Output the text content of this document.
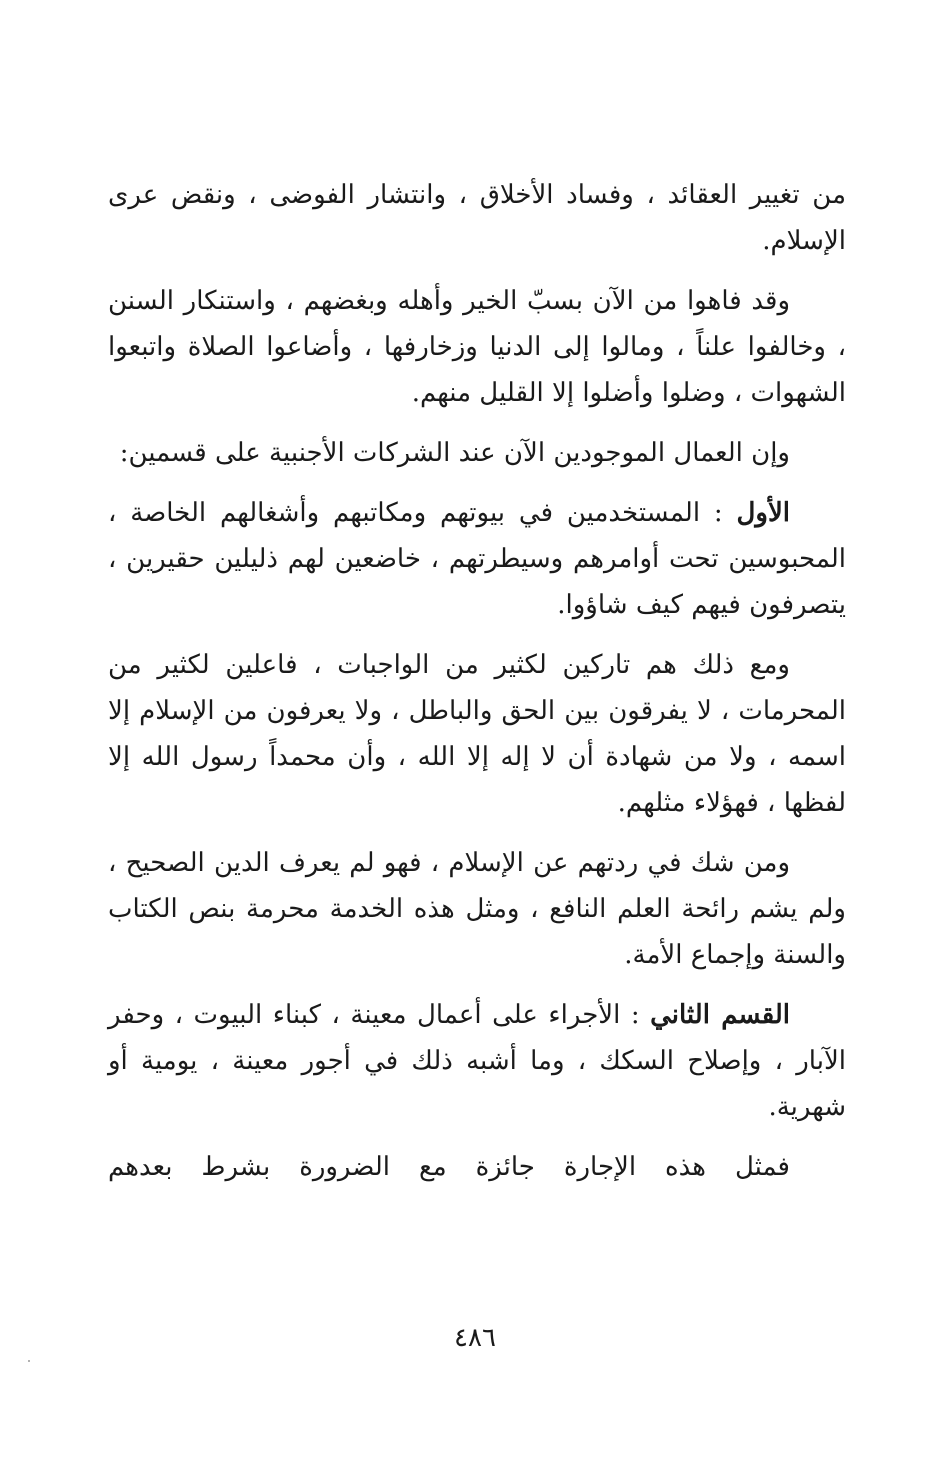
من تغيير العقائد ، وفساد الأخلاق ، وانتشار الفوضى ، ونقض عرى الإسلام.

وقد فاهوا من الآن بسبّ الخير وأهله وبغضهم ، واستنكار السنن ، وخالفوا علناً ، ومالوا إلى الدنيا وزخارفها ، وأضاعوا الصلاة واتبعوا الشهوات ، وضلوا وأضلوا إلا القليل منهم.

وإن العمال الموجودين الآن عند الشركات الأجنبية على قسمين:

الأول : المستخدمين في بيوتهم ومكاتبهم وأشغالهم الخاصة ، المحبوسين تحت أوامرهم وسيطرتهم ، خاضعين لهم ذليلين حقيرين ، يتصرفون فيهم كيف شاؤوا.

ومع ذلك هم تاركين لكثير من الواجبات ، فاعلين لكثير من المحرمات ، لا يفرقون بين الحق والباطل ، ولا يعرفون من الإسلام إلا اسمه ، ولا من شهادة أن لا إله إلا الله ، وأن محمداً رسول الله إلا لفظها ، فهؤلاء مثلهم.

ومن شك في ردتهم عن الإسلام ، فهو لم يعرف الدين الصحيح ، ولم يشم رائحة العلم النافع ، ومثل هذه الخدمة محرمة بنص الكتاب والسنة وإجماع الأمة.

القسم الثاني : الأجراء على أعمال معينة ، كبناء البيوت ، وحفر الآبار ، وإصلاح السكك ، وما أشبه ذلك في أجور معينة ، يومية أو شهرية.

فمثل هذه الإجارة جائزة مع الضرورة بشرط بعدهم

٤٨٦
